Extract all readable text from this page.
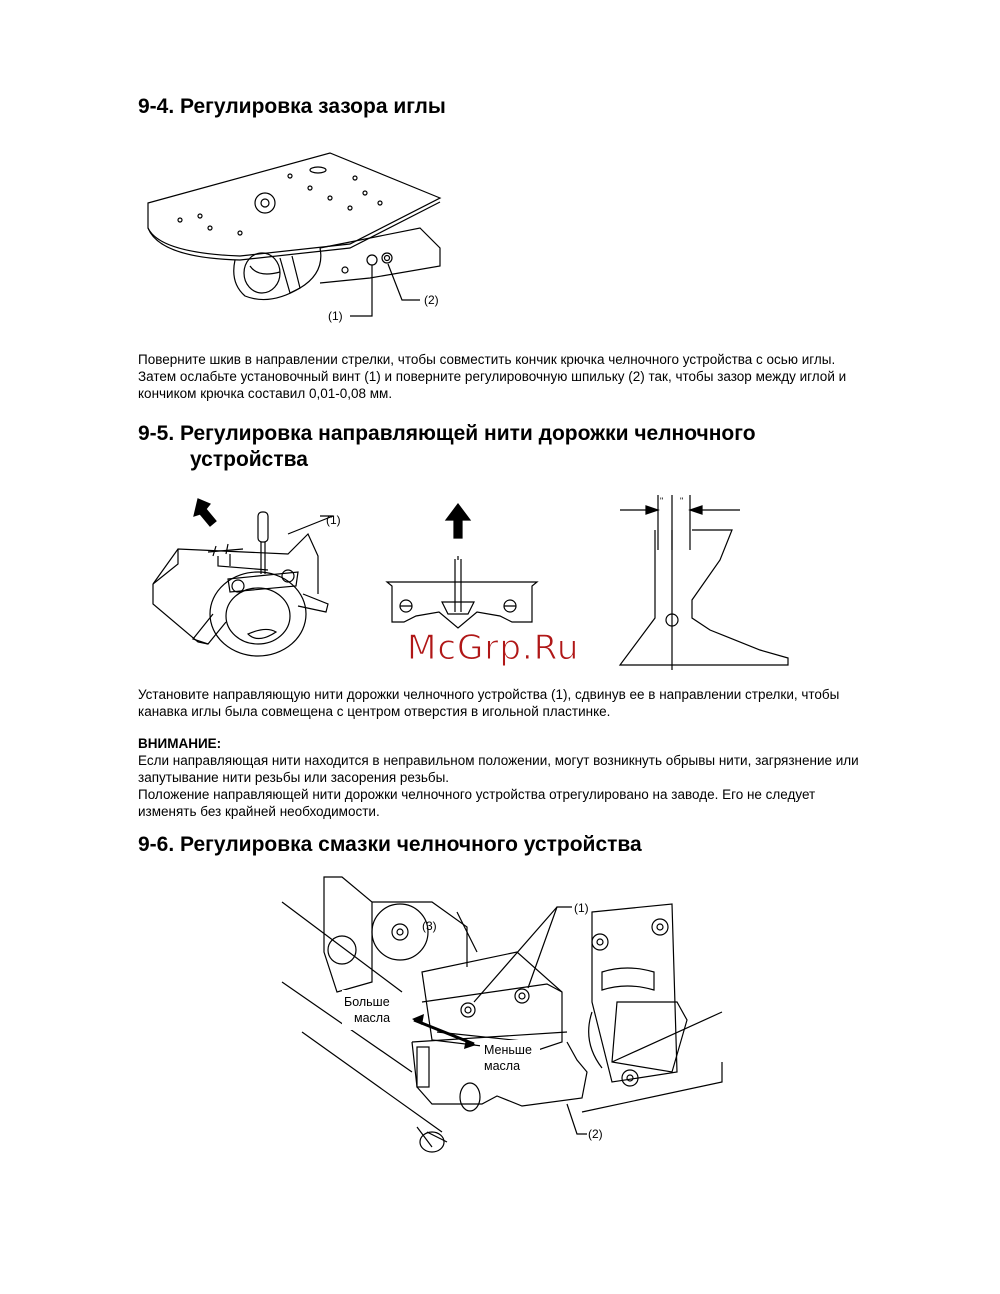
9-4. Регулировка зазора иглы
(1)
(2)
Поверните шкив в направлении стрелки, чтобы совместить кончик крючка челночного устройства с осью иглы.
Затем ослабьте установочный винт (1) и поверните регулировочную шпильку (2) так, чтобы зазор между иглой и
кончиком крючка составил 0,01-0,08 мм.
9-5. Регулировка направляющей нити дорожки челночного
устройства
(1)
" "
McGrp.Ru
Установите направляющую нити дорожки челночного устройства (1), сдвинув ее в направлении стрелки, чтобы
канавка иглы была совмещена с центром отверстия в игольной пластинке.
ВНИМАНИЕ:
Если направляющая нити находится в неправильном положении, могут возникнуть обрывы нити, загрязнение или
запутывание нити резьбы или засорения резьбы.
Положение направляющей нити дорожки челночного устройства отрегулировано на заводе. Его не следует
изменять без крайней необходимости.
9-6. Регулировка смазки челночного устройства
Больше
масла
Меньше
масла
(1)
(2)
(3)
